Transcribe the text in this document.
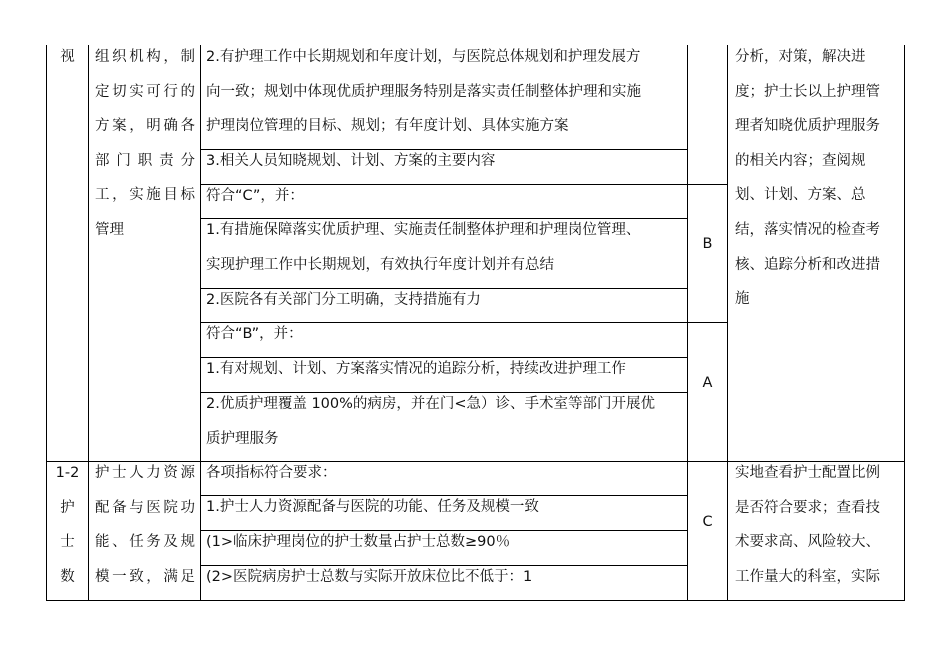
视	组织机构，制
定切实可行的
方案，明确各
部门职责分
工，实施目标
管理
2.有护理工作中长期规划和年度计划，与医院总体规划和护理发展方
向一致；规划中体现优质护理服务特别是落实责任制整体护理和实施
护理岗位管理的目标、规划；有年度计划、具体实施方案
3.相关人员知晓规划、计划、方案的主要内容
符合“C”，并：
1.有措施保障落实优质护理、实施责任制整体护理和护理岗位管理、
实现护理工作中长期规划，有效执行年度计划并有总结
2.医院各有关部门分工明确，支持措施有力
符合“B”，并：
1.有对规划、计划、方案落实情况的追踪分析，持续改进护理工作
2.优质护理覆盖 100%的病房，并在门<急）诊、手术室等部门开展优
质护理服务
B
A
分析，对策，解决进
度；护士长以上护理管
理者知晓优质护理服务
的相关内容；查阅规
划、计划、方案、总
结，落实情况的检查考
核、追踪分析和改进措
施
1-2
护
士
数
护士人力资源
配备与医院功
能、任务及规
模一致，满足
各项指标符合要求：
1.护士人力资源配备与医院的功能、任务及规模一致
(1>临床护理岗位的护士数量占护士总数≥90％
(2>医院病房护士总数与实际开放床位比不低于：1
C
实地查看护士配置比例
是否符合要求；查看技
术要求高、风险较大、
工作量大的科室，实际
